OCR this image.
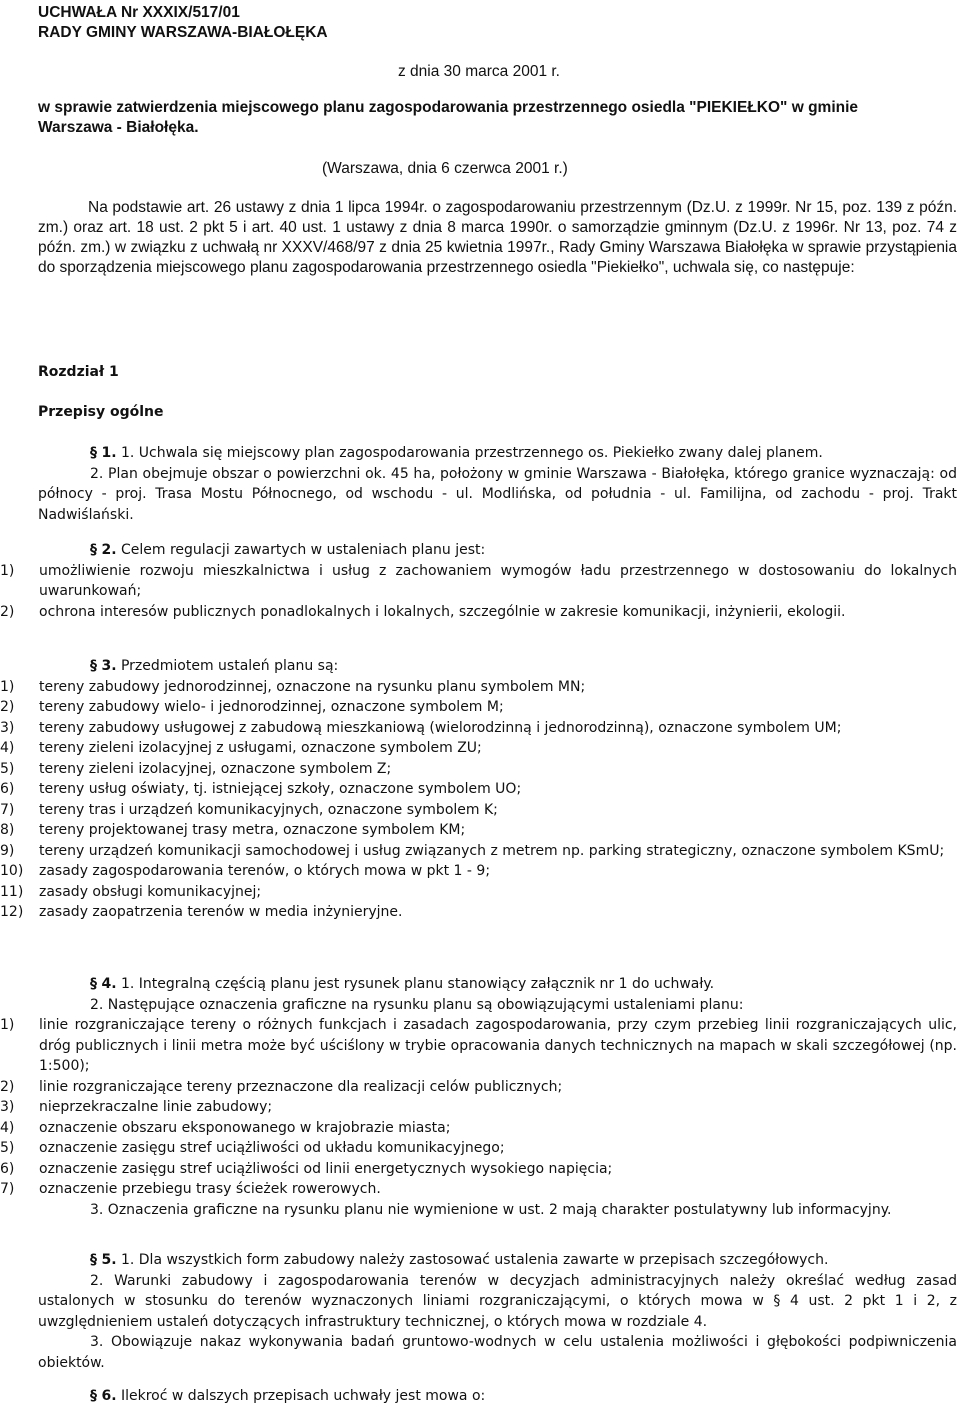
UCHWAŁA Nr XXXIX/517/01
RADY GMINY WARSZAWA-BIAŁOŁĘKA
z dnia 30 marca 2001 r.
w sprawie zatwierdzenia miejscowego planu zagospodarowania przestrzennego osiedla "PIEKIEŁKO" w gminie Warszawa - Białołęka.
(Warszawa, dnia 6 czerwca 2001 r.)
Na podstawie art. 26 ustawy z dnia 1 lipca 1994r. o zagospodarowaniu przestrzennym (Dz.U. z 1999r. Nr 15, poz. 139 z późn. zm.) oraz art. 18 ust. 2 pkt 5 i art. 40 ust. 1 ustawy z dnia 8 marca 1990r. o samorządzie gminnym (Dz.U. z 1996r. Nr 13, poz. 74 z późn. zm.) w związku z uchwałą nr XXXV/468/97 z dnia 25 kwietnia 1997r., Rady Gminy Warszawa Białołęka w sprawie przystąpienia do sporządzenia miejscowego planu zagospodarowania przestrzennego osiedla "Piekiełko", uchwala się, co następuje:
Rozdział 1
Przepisy ogólne

§ 1. 1. Uchwala się miejscowy plan zagospodarowania przestrzennego os. Piekiełko zwany dalej planem.

2. Plan obejmuje obszar o powierzchni ok. 45 ha, położony w gminie Warszawa - Białołęka, którego granice wyznaczają: od północy - proj. Trasa Mostu Północnego, od wschodu - ul. Modlińska, od południa - ul. Familijna, od zachodu - proj. Trakt Nadwiślański.

§ 2. Celem regulacji zawartych w ustaleniach planu jest:

1) umożliwienie rozwoju mieszkalnictwa i usług z zachowaniem wymogów ładu przestrzennego w dostosowaniu do lokalnych uwarunkowań;
2) ochrona interesów publicznych ponadlokalnych i lokalnych, szczególnie w zakresie komunikacji, inżynierii, ekologii.

§ 3. Przedmiotem ustaleń planu są:

1) tereny zabudowy jednorodzinnej, oznaczone na rysunku planu symbolem MN;
2) tereny zabudowy wielo- i jednorodzinnej, oznaczone symbolem M;
3) tereny zabudowy usługowej z zabudową mieszkaniową (wielorodzinną i jednorodzinną), oznaczone symbolem UM;
4) tereny zieleni izolacyjnej z usługami, oznaczone symbolem ZU;
5) tereny zieleni izolacyjnej, oznaczone symbolem Z;
6) tereny usług oświaty, tj. istniejącej szkoły, oznaczone symbolem UO;
7) tereny tras i urządzeń komunikacyjnych, oznaczone symbolem K;
8) tereny projektowanej trasy metra, oznaczone symbolem KM;
9) tereny urządzeń komunikacji samochodowej i usług związanych z metrem np. parking strategiczny, oznaczone symbolem KSmU;
10) zasady zagospodarowania terenów, o których mowa w pkt 1 - 9;
11) zasady obsługi komunikacyjnej;
12) zasady zaopatrzenia terenów w media inżynieryjne.

§ 4. 1. Integralną częścią planu jest rysunek planu stanowiący załącznik nr 1 do uchwały.

2. Następujące oznaczenia graficzne na rysunku planu są obowiązującymi ustaleniami planu:

1) linie rozgraniczające tereny o różnych funkcjach i zasadach zagospodarowania, przy czym przebieg linii rozgraniczających ulic, dróg publicznych i linii metra może być uściślony w trybie opracowania danych technicznych na mapach w skali szczegółowej (np. 1:500);
2) linie rozgraniczające tereny przeznaczone dla realizacji celów publicznych;
3) nieprzekraczalne linie zabudowy;
4) oznaczenie obszaru eksponowanego w krajobrazie miasta;
5) oznaczenie zasięgu stref uciążliwości od układu komunikacyjnego;
6) oznaczenie zasięgu stref uciążliwości od linii energetycznych wysokiego napięcia;
7) oznaczenie przebiegu trasy ścieżek rowerowych.

3. Oznaczenia graficzne na rysunku planu nie wymienione w ust. 2 mają charakter postulatywny lub informacyjny.

§ 5. 1. Dla wszystkich form zabudowy należy zastosować ustalenia zawarte w przepisach szczegółowych.

2. Warunki zabudowy i zagospodarowania terenów w decyzjach administracyjnych należy określać według zasad ustalonych w stosunku do terenów wyznaczonych liniami rozgraniczającymi, o których mowa w § 4 ust. 2 pkt 1 i 2, z uwzględnieniem ustaleń dotyczących infrastruktury technicznej, o których mowa w rozdziale 4.

3. Obowiązuje nakaz wykonywania badań gruntowo-wodnych w celu ustalenia możliwości i głębokości podpiwniczenia obiektów.

§ 6. Ilekroć w dalszych przepisach uchwały jest mowa o:
